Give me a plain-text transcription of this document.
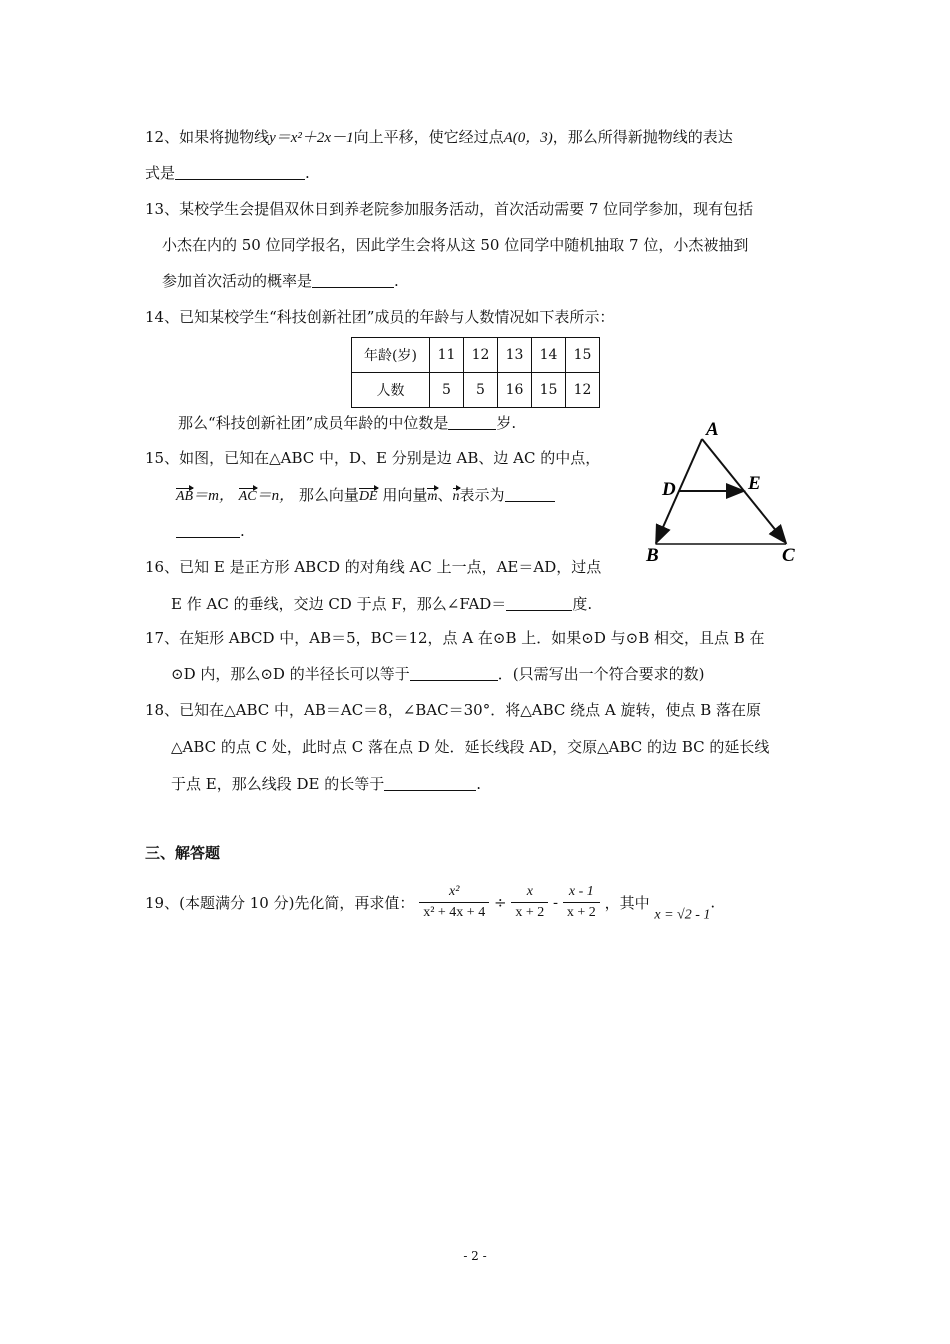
12、如果将抛物线y＝x²＋2x－1向上平移，使它经过点A(0，3)，那么所得新抛物线的表达
式是	.
13、某校学生会提倡双休日到养老院参加服务活动，首次活动需要 7 位同学参加，现有包括
小杰在内的 50 位同学报名，因此学生会将从这 50 位同学中随机抽取 7 位，小杰被抽到
参加首次活动的概率是	.
14、已知某校学生“科技创新社团”成员的年龄与人数情况如下表所示：
年龄(岁)	11	12	13	14	15
人数	5	5	16	15	12
那么“科技创新社团”成员年龄的中位数是	岁.
15、如图，已知在△ABC 中，D、E 分别是边 AB、边 AC 的中点，
AB＝m， AC＝n， 那么向量DE 用向量m、n表示为
.
A
D	E
B	C
16、已知 E 是正方形 ABCD 的对角线 AC 上一点，AE＝AD，过点
E 作 AC 的垂线，交边 CD 于点 F，那么∠FAD＝	度.
17、在矩形 ABCD 中，AB＝5，BC＝12，点 A 在⊙B 上．如果⊙D 与⊙B 相交，且点 B 在
⊙D 内，那么⊙D 的半径长可以等于	．(只需写出一个符合要求的数)
18、已知在△ABC 中，AB＝AC＝8，∠BAC＝30°．将△ABC 绕点 A 旋转，使点 B 落在原
△ABC 的点 C 处，此时点 C 落在点 D 处．延长线段 AD，交原△ABC 的边 BC 的延长线
于点 E，那么线段 DE 的长等于	.
三、解答题
19、(本题满分 10 分)先化简，再求值： $\frac{\text{x²}}{\text{x² + 4x + 4}} \div \frac{x}{x + 2} - \frac{x - 1}{x + 2}$ ，其中 x = √2 - 1.
- 2 -
